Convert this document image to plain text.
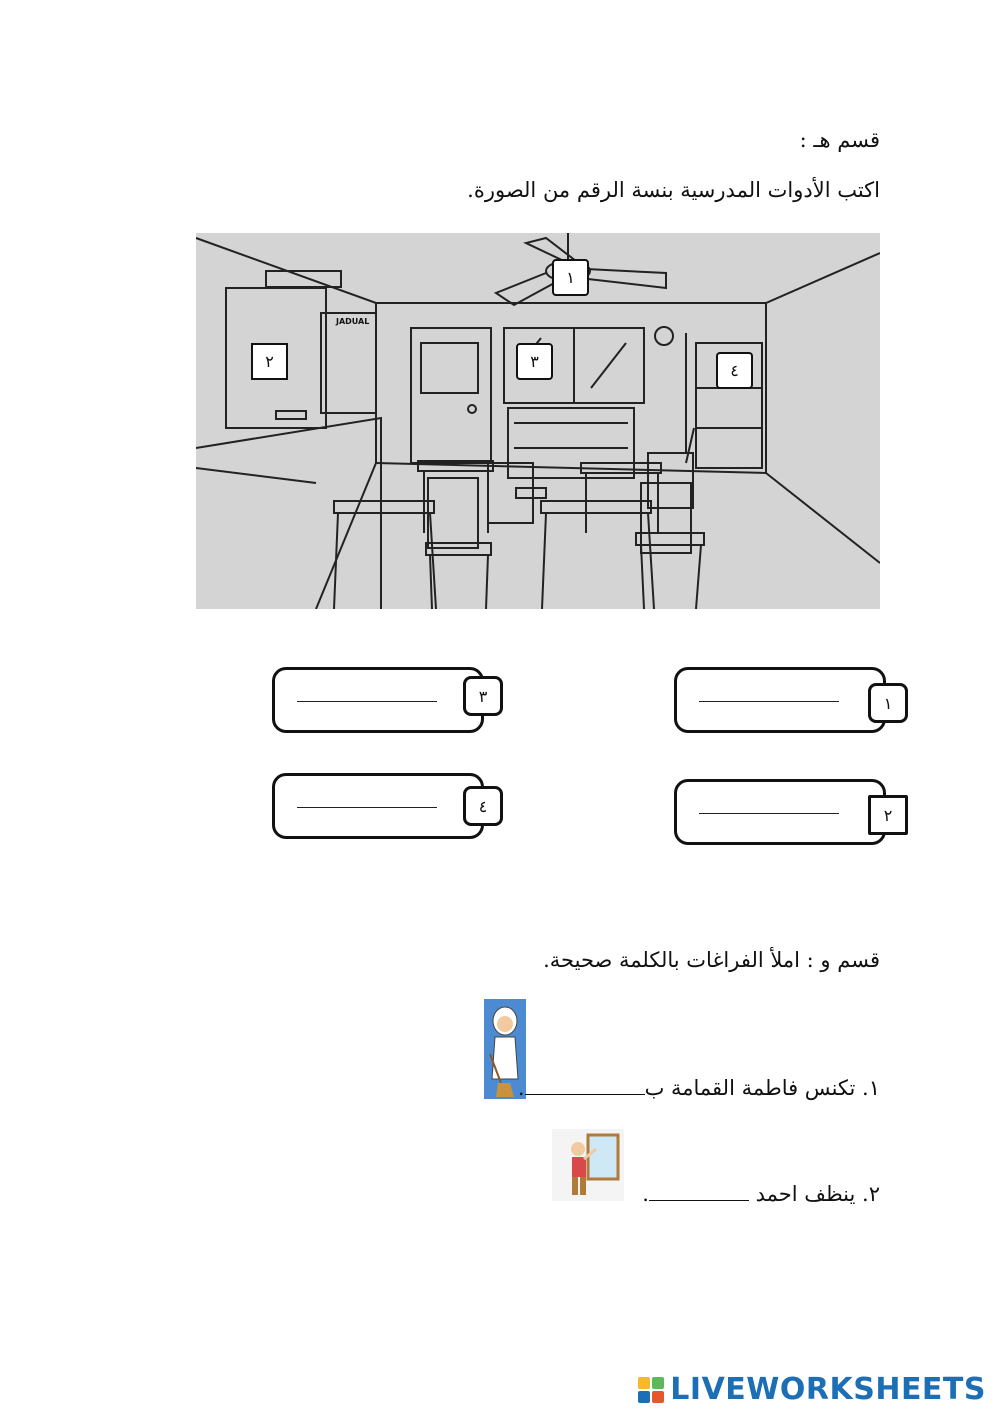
قسم هـ :
اكتب الأدوات المدرسية بنسة الرقم من الصورة.
١
٢	٣	٤
JADUAL
١
٢
٣
٤
قسم و : املأ الفراغات بالكلمة صحيحة.
١. تكنس فاطمة القمامة ب.
٢. ينظف احمد .
LIVEWORKSHEETS
